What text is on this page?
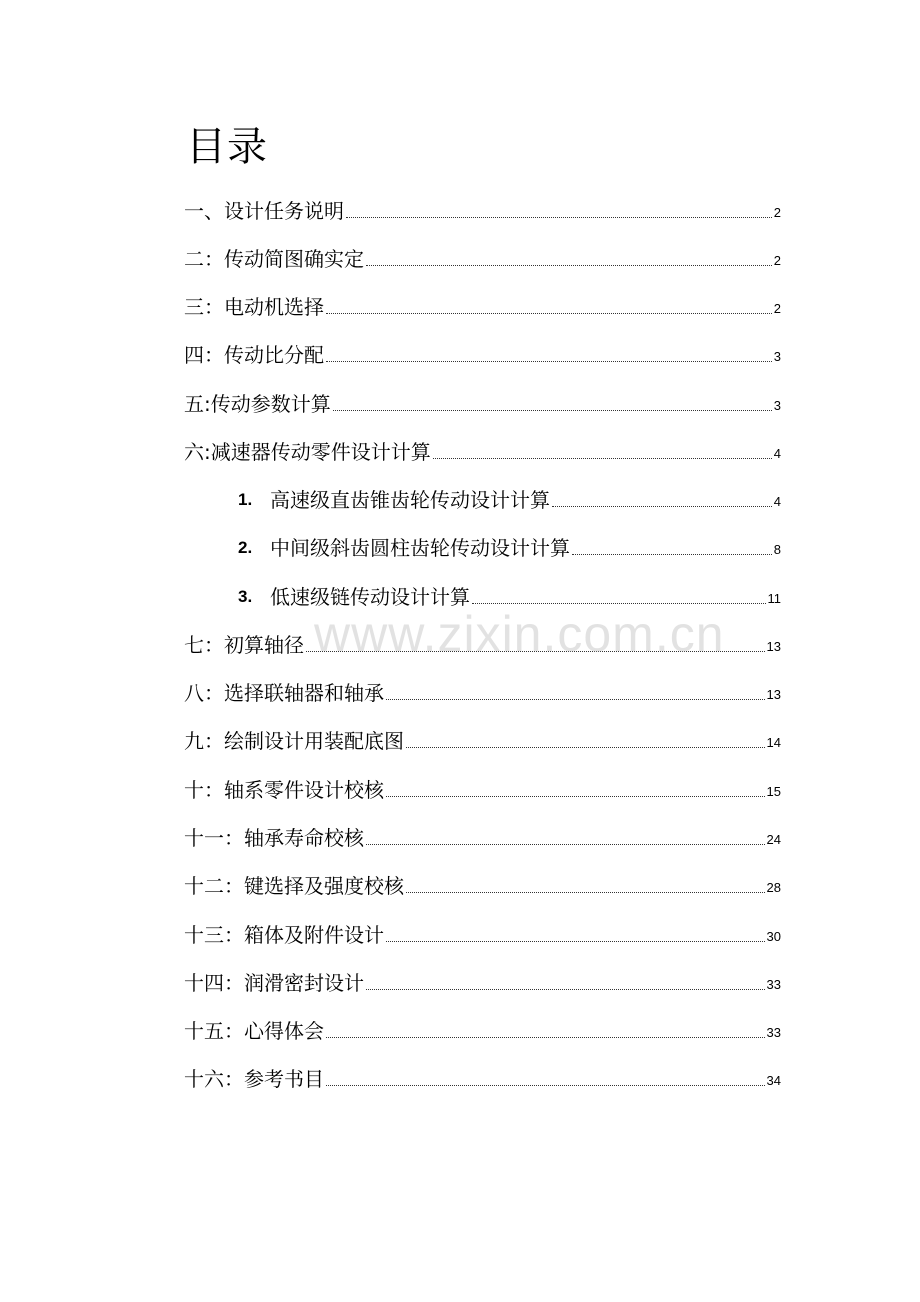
目录
一、设计任务说明	2
二：传动简图确实定	2
三：电动机选择	2
四：传动比分配	3
五:传动参数计算	3
六:减速器传动零件设计计算	4
1. 高速级直齿锥齿轮传动设计计算	4
2. 中间级斜齿圆柱齿轮传动设计计算	8
3. 低速级链传动设计计算	11
七：初算轴径	13
八：选择联轴器和轴承	13
九：绘制设计用装配底图	14
十：轴系零件设计校核	15
十一：轴承寿命校核	24
十二：键选择及强度校核	28
十三：箱体及附件设计	30
十四：润滑密封设计	33
十五：心得体会	33
十六：参考书目	34
www.zixin.com.cn
